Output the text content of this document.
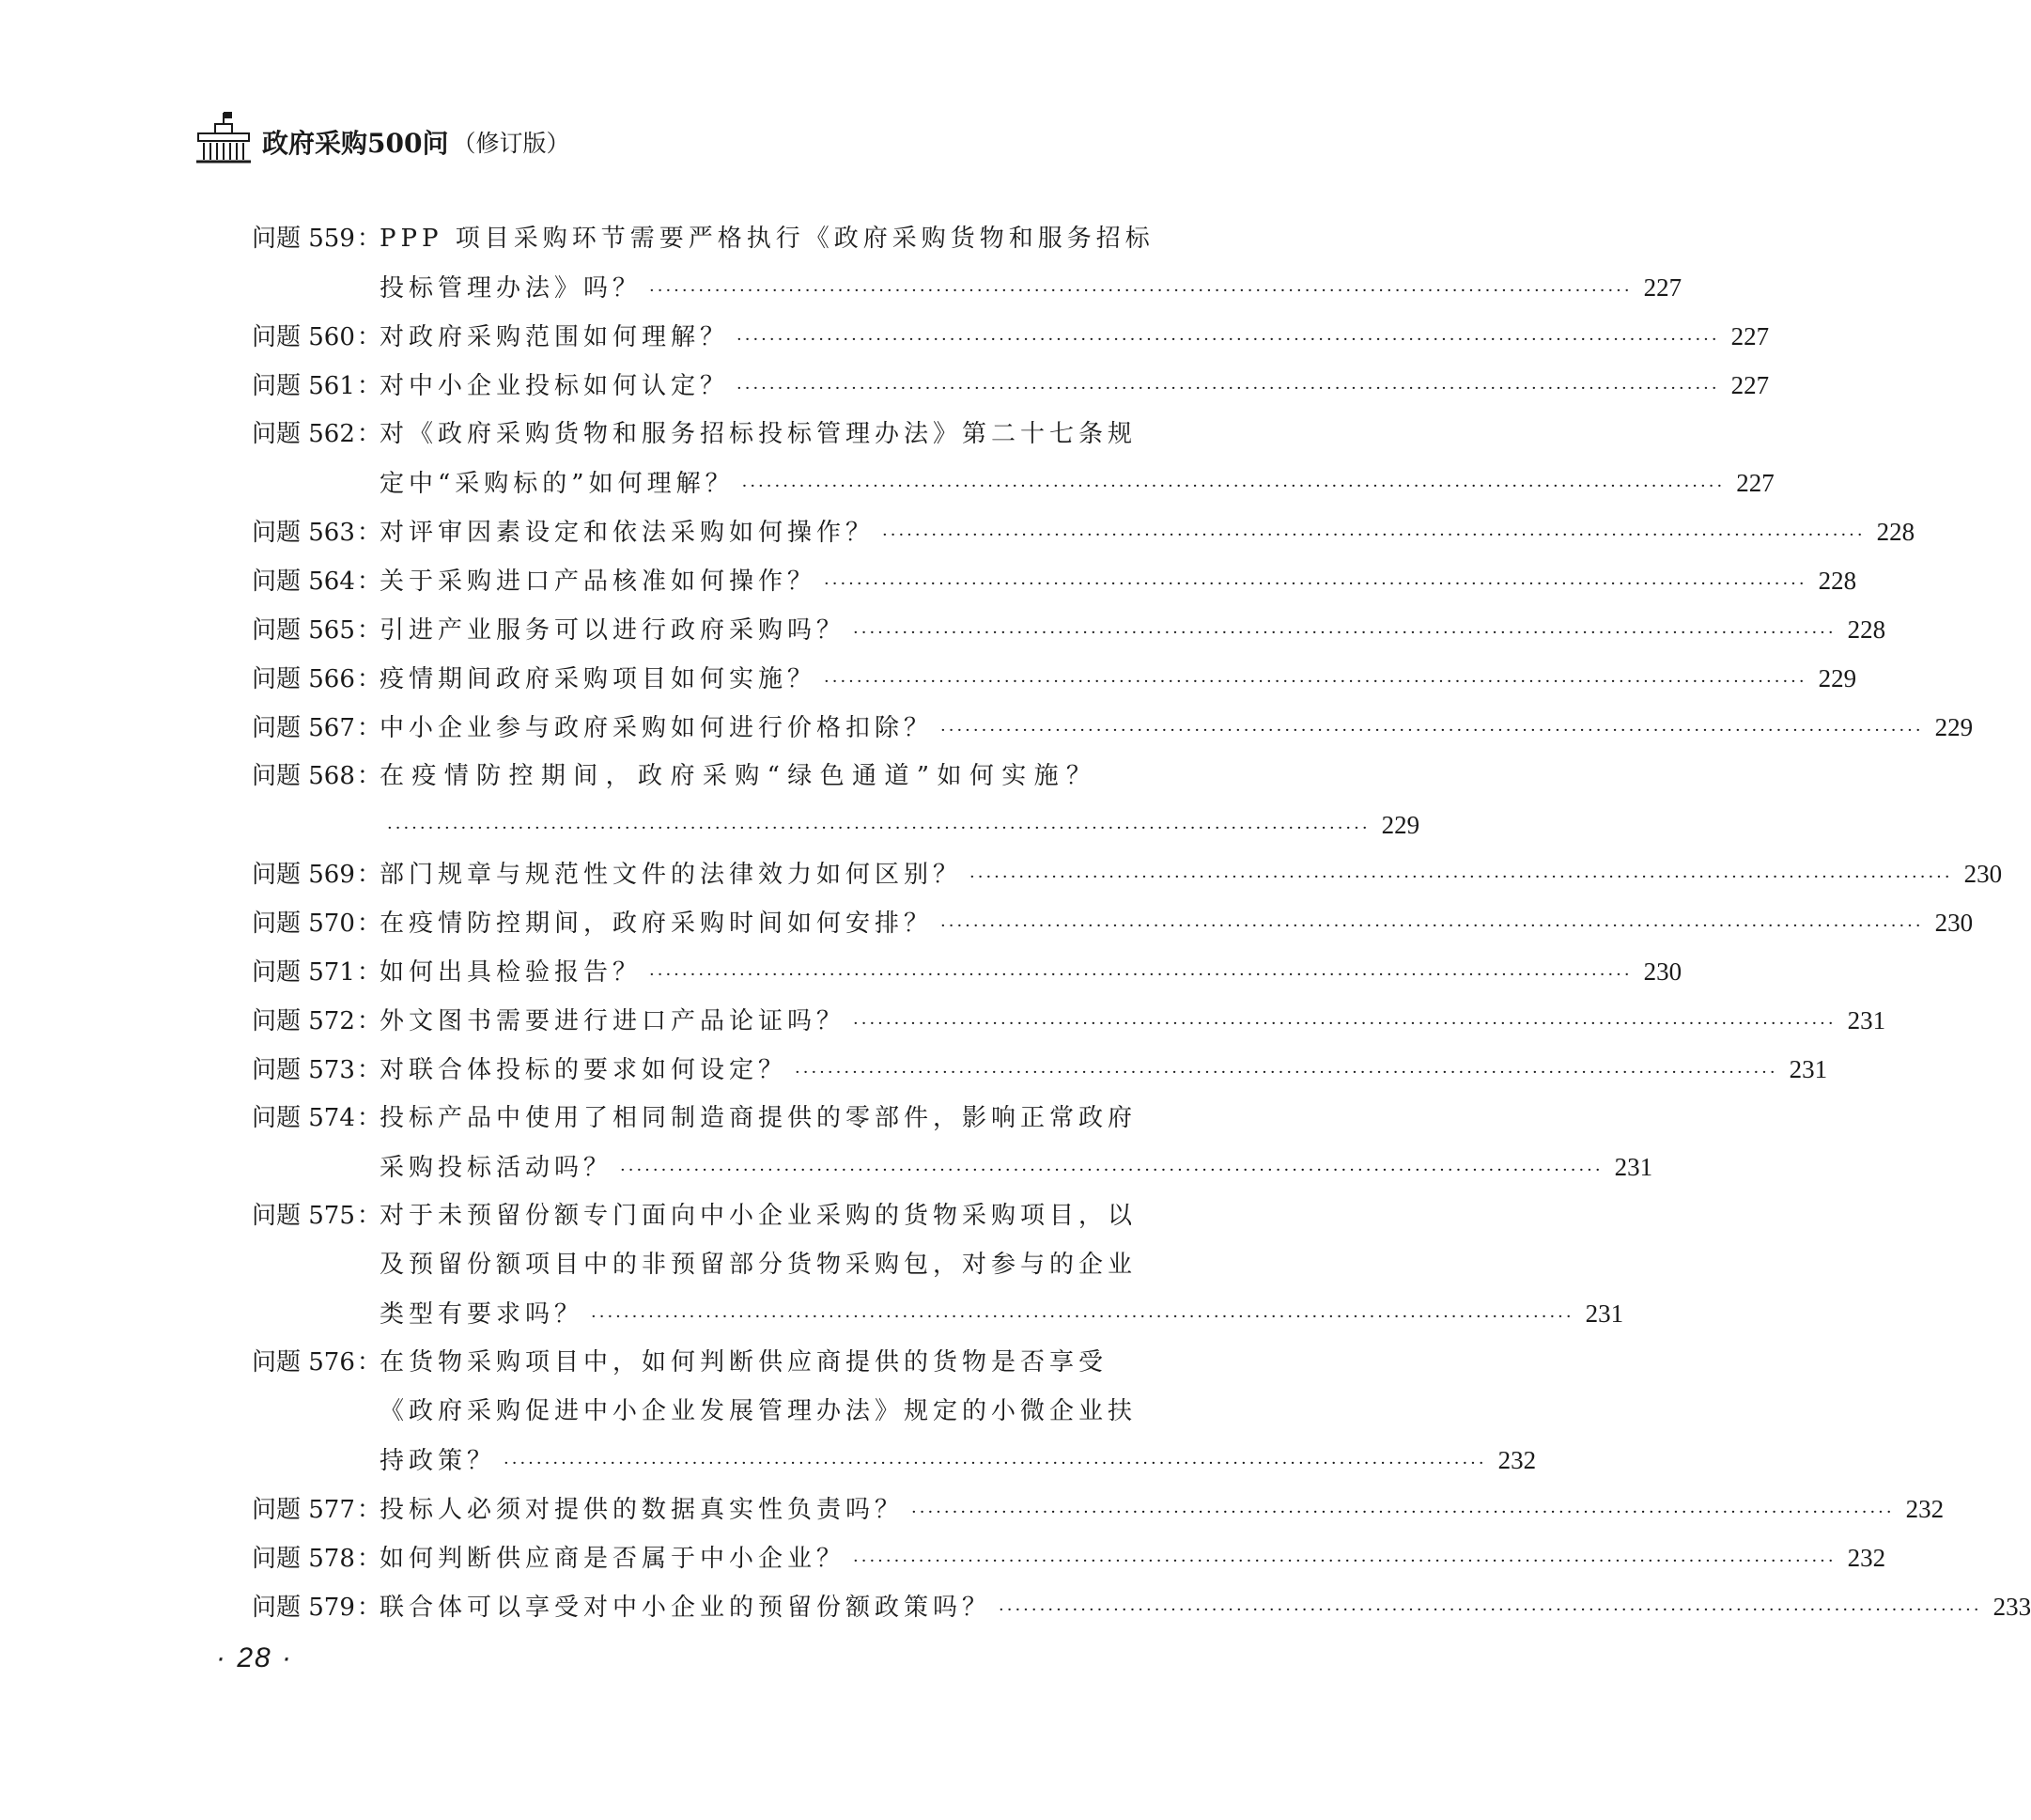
政府采购500问 （修订版）
问题 559：
PPP 项目采购环节需要严格执行《政府采购货物和服务招标
投标管理办法》吗？ ························································································································ 227
问题 560：
对政府采购范围如何理解？ ························································································································ 227
问题 561：
对中小企业投标如何认定？ ························································································································ 227
问题 562：
对《政府采购货物和服务招标投标管理办法》第二十七条规
定中“采购标的”如何理解？ ························································································································ 227
问题 563：
对评审因素设定和依法采购如何操作？ ························································································································ 228
问题 564：
关于采购进口产品核准如何操作？ ························································································································ 228
问题 565：
引进产业服务可以进行政府采购吗？ ························································································································ 228
问题 566：
疫情期间政府采购项目如何实施？ ························································································································ 229
问题 567：
中小企业参与政府采购如何进行价格扣除？ ························································································································ 229
问题 568：
在疫情防控期间，政府采购“绿色通道”如何实施？
························································································································ 229
问题 569：
部门规章与规范性文件的法律效力如何区别？ ························································································································ 230
问题 570：
在疫情防控期间，政府采购时间如何安排？ ························································································································ 230
问题 571：
如何出具检验报告？ ························································································································ 230
问题 572：
外文图书需要进行进口产品论证吗？ ························································································································ 231
问题 573：
对联合体投标的要求如何设定？ ························································································································ 231
问题 574：
投标产品中使用了相同制造商提供的零部件，影响正常政府
采购投标活动吗？ ························································································································ 231
问题 575：
对于未预留份额专门面向中小企业采购的货物采购项目，以
及预留份额项目中的非预留部分货物采购包，对参与的企业
类型有要求吗？ ························································································································ 231
问题 576：
在货物采购项目中，如何判断供应商提供的货物是否享受
《政府采购促进中小企业发展管理办法》规定的小微企业扶
持政策？ ························································································································ 232
问题 577：
投标人必须对提供的数据真实性负责吗？ ························································································································ 232
问题 578：
如何判断供应商是否属于中小企业？ ························································································································ 232
问题 579：
联合体可以享受对中小企业的预留份额政策吗？ ························································································································ 233
· 28 ·
